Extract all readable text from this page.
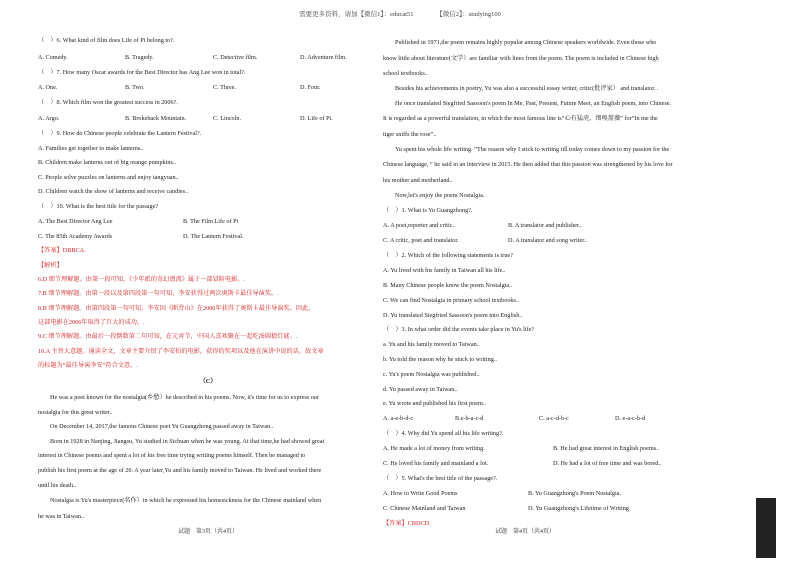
需要更多资料，请加【微信1】：educat51　　　　【微信2】：studying100
（　）6. What kind of film does Life of Pi belong to?.
A. Comedy.	B. Tragedy.	C. Detective film.	D. Adventure film.
（　）7. How many Oscar awards for the Best Director has Ang Lee won in total?.
A. One.	B. Two.	C. Three.	D. Four.
（　）8. Which film won the greatest success in 2006?.
A. Argo.	B. Brokeback Mountain.	C. Lincoln.	D. Life of Pi.
（　）9. How do Chinese people celebrate the Lantern Festival?.
A. Families get together to make lanterns..
B. Children make lanterns out of big orange pumpkins..
C. People solve puzzles on lanterns and enjoy tangyuan..
D. Children watch the show of lanterns and receive candies..
（　）10. What is the best title for the passage?
A. The Best Director Ang Lee	B. The Film Life of Pi
C. The 85th Academy Awards	D. The Lantern Festival.
【答案】DBBCA.
【解析】
6.D 细节理解题。由第一段可知，《少年派的奇幻漂流》属于一部冒险电影。.
7.B 细节理解题。由第一段以及第四段第一句可知，李安获得过两次奥斯卡最佳导演奖。.
8.B 细节理解题。由第四段第一句可知，李安因《断背山》在2006年获得了奥斯卡最佳导演奖。因此，
这部电影在2006年取得了巨大的成功。.
9.C 细节理解题。由最后一段倒数第二句可知，在元宵节，中国人喜欢聚在一起吃汤圆猜灯谜。.
10.A 主旨大意题。通读全文，文章主要介绍了李安拍的电影，获得的奖项以及他在演讲中说的话，故文章
的标题为“最佳导演李安”符合文意。.
（C）
He was a poet known for the nostalgia(乡愁）he described in his poems. Now, it's time for us to express our
nostalgia for this great writer..
On December 14, 2017,the famous Chinese poet Yu Guangzhong passed away in Taiwan..
Born in 1928 in Nanjing, Jiangsu, Yu studied in Sichuan when he was young. At that time,he had showed great
interest in Chinese poems and spent a lot of his free time trying writing poems himself. Then he managed to
publish his first poem at the age of 20. A year later,Yu and his family moved to Taiwan. He lived and worked there
until his death..
Nostalgia is Yu's masterpiece(名作）in which he expressed his homesickness for the Chinese mainland when
he was in Taiwan..
试题　第3页（共4页）
Published in 1971,the poem remains highly popular among Chinese speakers worldwide. Even those who
know little about literature(文学）are familiar with lines from the poem. The poem is included in Chinese high
school textbooks..
Besides his achievements in poetry, Yu was also a successful essay writer, critic(批评家） and translator. .
He once translated Siegfried Sassoon's poem In Me, Past, Present, Future Meet, an English poem, into Chinese.
It is regarded as a powerful translation, in which the most famous line is“心有猛虎，细嗅蔷薇” for“In me the
tiger sniffs the rose”..
Yu spent his whole life writing. “The reason why I stick to writing till today comes down to my passion for the
Chinese language, ” he said in an interview in 2015. He then added that this passion was strengthened by his love for
his mother and motherland..
Now,let's enjoy the poem Nostalgia.
（　）1. What is Yu Guangzhong?.
A. A poet,reporter and critic..	B. A translator and publisher..
C. A critic, poet and translator.	D. A translator and song writer..
（　）2. Which of the following statements is true?
A. Yu lived with his family in Taiwan all his life..
B. Many Chinese people know the poem Nostalgia..
C. We can find Nostalgia in primary school textbooks..
D. Yu translated Siegfried Sassoon's poem into English..
（　）3. In what order did the events take place in Yu's life?
a. Yu and his family moved to Taiwan..
b. Yu told the reason why he stuck to writing..
c. Yu's poem Nostalgia was published..
d. Yu passed away in Taiwan..
e. Yu wrote and published his first poem..
A. a-e-b-d-c	B.e-b-a-c-d	C. a-c-d-b-c	D. e-a-c-b-d
（　）4. Why did Yu spend all his life writing?.
A. He made a lot of money from writing.	B. He had great interest in English poems..
C. He loved his family and mainland a lot.	D. He had a lot of free time and was bored..
（　）5. What's the best title of the passage?.
A. How to Write Good Poems	B. Yu Guangzhong's Poem Nostalgia.
C. Chinese Mainland and Taiwan	D. Yu Guangzhong's Lifetime of Writing
【答案】CBDCD.
试题　第4页（共4页）
